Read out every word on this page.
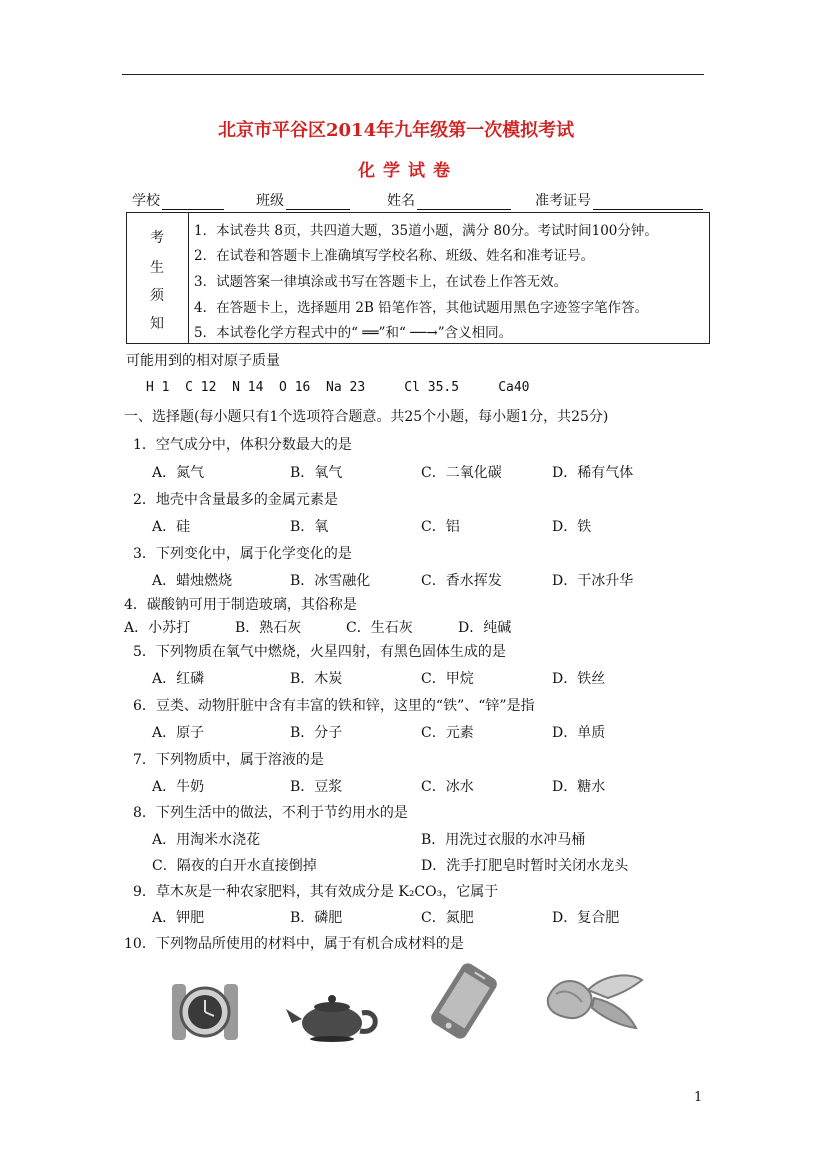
北京市平谷区2014年九年级第一次模拟考试
化学试卷
学校	班级	姓名	准考证号
考
生
须
知
1．本试卷共 8页，共四道大题，35道小题，满分 80分。考试时间100分钟。
2．在试卷和答题卡上准确填写学校名称、班级、姓名和准考证号。
3．试题答案一律填涂或书写在答题卡上，在试卷上作答无效。
4．在答题卡上，选择题用 2B 铅笔作答，其他试题用黑色字迹签字笔作答。
5．本试卷化学方程式中的“ ══”和“ ──→”含义相同。
可能用到的相对原子质量
H 1  C 12  N 14  O 16  Na 23     Cl 35.5     Ca40
一、选择题(每小题只有1个选项符合题意。共25个小题，每小题1分，共25分)
1．空气成分中，体积分数最大的是
A．氮气	B．氧气	C．二氧化碳	D．稀有气体
2．地壳中含量最多的金属元素是
A．硅	B．氧	C．铝	D．铁
3．下列变化中，属于化学变化的是
A．蜡烛燃烧	B．冰雪融化	C．香水挥发	D．干冰升华
4．碳酸钠可用于制造玻璃，其俗称是
A．小苏打	B．熟石灰	C．生石灰	D．纯碱
5．下列物质在氧气中燃烧，火星四射，有黑色固体生成的是
A．红磷	B．木炭	C．甲烷	D．铁丝
6．豆类、动物肝脏中含有丰富的铁和锌，这里的“铁”、“锌”是指
A．原子	B．分子	C．元素	D．单质
7．下列物质中，属于溶液的是
A．牛奶	B．豆浆	C．冰水	D．糖水
8．下列生活中的做法，不利于节约用水的是
A．用淘米水浇花	B．用洗过衣服的水冲马桶
C．隔夜的白开水直接倒掉	D．洗手打肥皂时暂时关闭水龙头
9．草木灰是一种农家肥料，其有效成分是 K₂CO₃，它属于
A．钾肥	B．磷肥	C．氮肥	D．复合肥
10．下列物品所使用的材料中，属于有机合成材料的是
1
